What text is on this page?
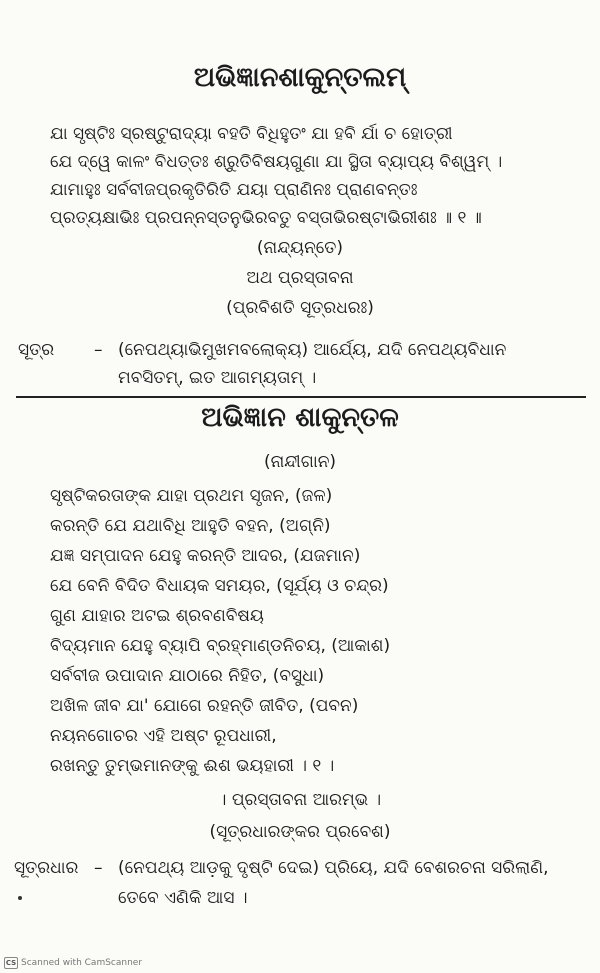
ଅଭିଜ୍ଞାନଶାକୁନ୍ତଲମ୍
ଯା ସୃଷ୍ଟିଃ ସ୍ରଷ୍ଟୁରାଦ୍ୟା ବହତି ବିଧିହୁତଂ ଯା ହବି ର୍ଯା ଚ ହୋତ୍ରୀ
ଯେ ଦ୍ୱେ କାଳଂ ବିଧତ୍ତଃ ଶ୍ରୁତିବିଷୟଗୁଣା ଯା ସ୍ଥିତା ବ୍ୟାପ୍ୟ ବିଶ୍ୱମ୍ ।
ଯାମାହୁଃ ସର୍ବବୀଜପ୍ରକୃତିରିତି ଯୟା ପ୍ରାଣିନଃ ପ୍ରାଣବନ୍ତଃ
ପ୍ରତ୍ୟକ୍ଷାଭିଃ ପ୍ରପନ୍ନସ୍ତନୁଭିରବତୁ ବସ୍ତାଭିରଷ୍ଟାଭିରୀଶଃ ॥ ୧ ॥
(ନାନ୍ଦ୍ୟନ୍ତେ)
ଅଥ ପ୍ରସ୍ତାବନା
(ପ୍ରବିଶତି ସୂତ୍ରଧରଃ)
ସୂତ୍ର – (ନେପଥ୍ୟାଭିମୁଖମବଲୋକ୍ୟ) ଆର୍ଯେ୍ୟ, ଯଦି ନେପଥ୍ୟବିଧାନ
ମବସିତମ୍, ଇତ ଆଗମ୍ୟତାମ୍ ।
ଅଭିଜ୍ଞାନ ଶାକୁନ୍ତଳ
(ନାନ୍ଦୀଗାନ)
ସୃଷ୍ଟିକରତାଙ୍କ ଯାହା ପ୍ରଥମ ସୃଜନ, (ଜଳ)
କରନ୍ତି ଯେ ଯଥାବିଧି ଆହୁତି ବହନ, (ଅଗ୍ନି)
ଯଜ୍ଞ ସମ୍ପାଦନ ଯେହୁ କରନ୍ତି ଆଦର, (ଯଜମାନ)
ଯେ ବେନି ବିଦିତ ବିଧାୟକ ସମୟର, (ସୂର୍ଯ୍ୟ ଓ ଚନ୍ଦ୍ର)
ଗୁଣ ଯାହାର ଅଟଇ ଶ୍ରବଣବିଷୟ
ବିଦ୍ୟମାନ ଯେହୁ ବ୍ୟାପି ବ୍ରହ୍ମାଣ୍ଡନିଚୟ, (ଆକାଶ)
ସର୍ବବୀଜ ଉପାଦାନ ଯାଠାରେ ନିହିତ, (ବସୁଧା)
ଅଖିଳ ଜୀବ ଯା' ଯୋଗେ ରହନ୍ତି ଜୀବିତ, (ପବନ)
ନୟନଗୋଚର ଏହି ଅଷ୍ଟ ରୂପଧାରୀ,
ରଖନ୍ତୁ ତୁମ୍ଭମାନଙ୍କୁ ଈଶ ଭୟହାରୀ । ୧ ।
। ପ୍ରସ୍ତାବନା ଆରମ୍ଭ ।
(ସୂତ୍ରଧାରଙ୍କର ପ୍ରବେଶ)
ସୂତ୍ରଧାର – (ନେପଥ୍ୟ ଆଡ଼କୁ ଦୃଷ୍ଟି ଦେଇ) ପ୍ରିୟେ, ଯଦି ବେଶରଚନା ସରିଲାଣି,
ତେବେ ଏଣିକି ଆସ ।
CS Scanned with CamScanner
